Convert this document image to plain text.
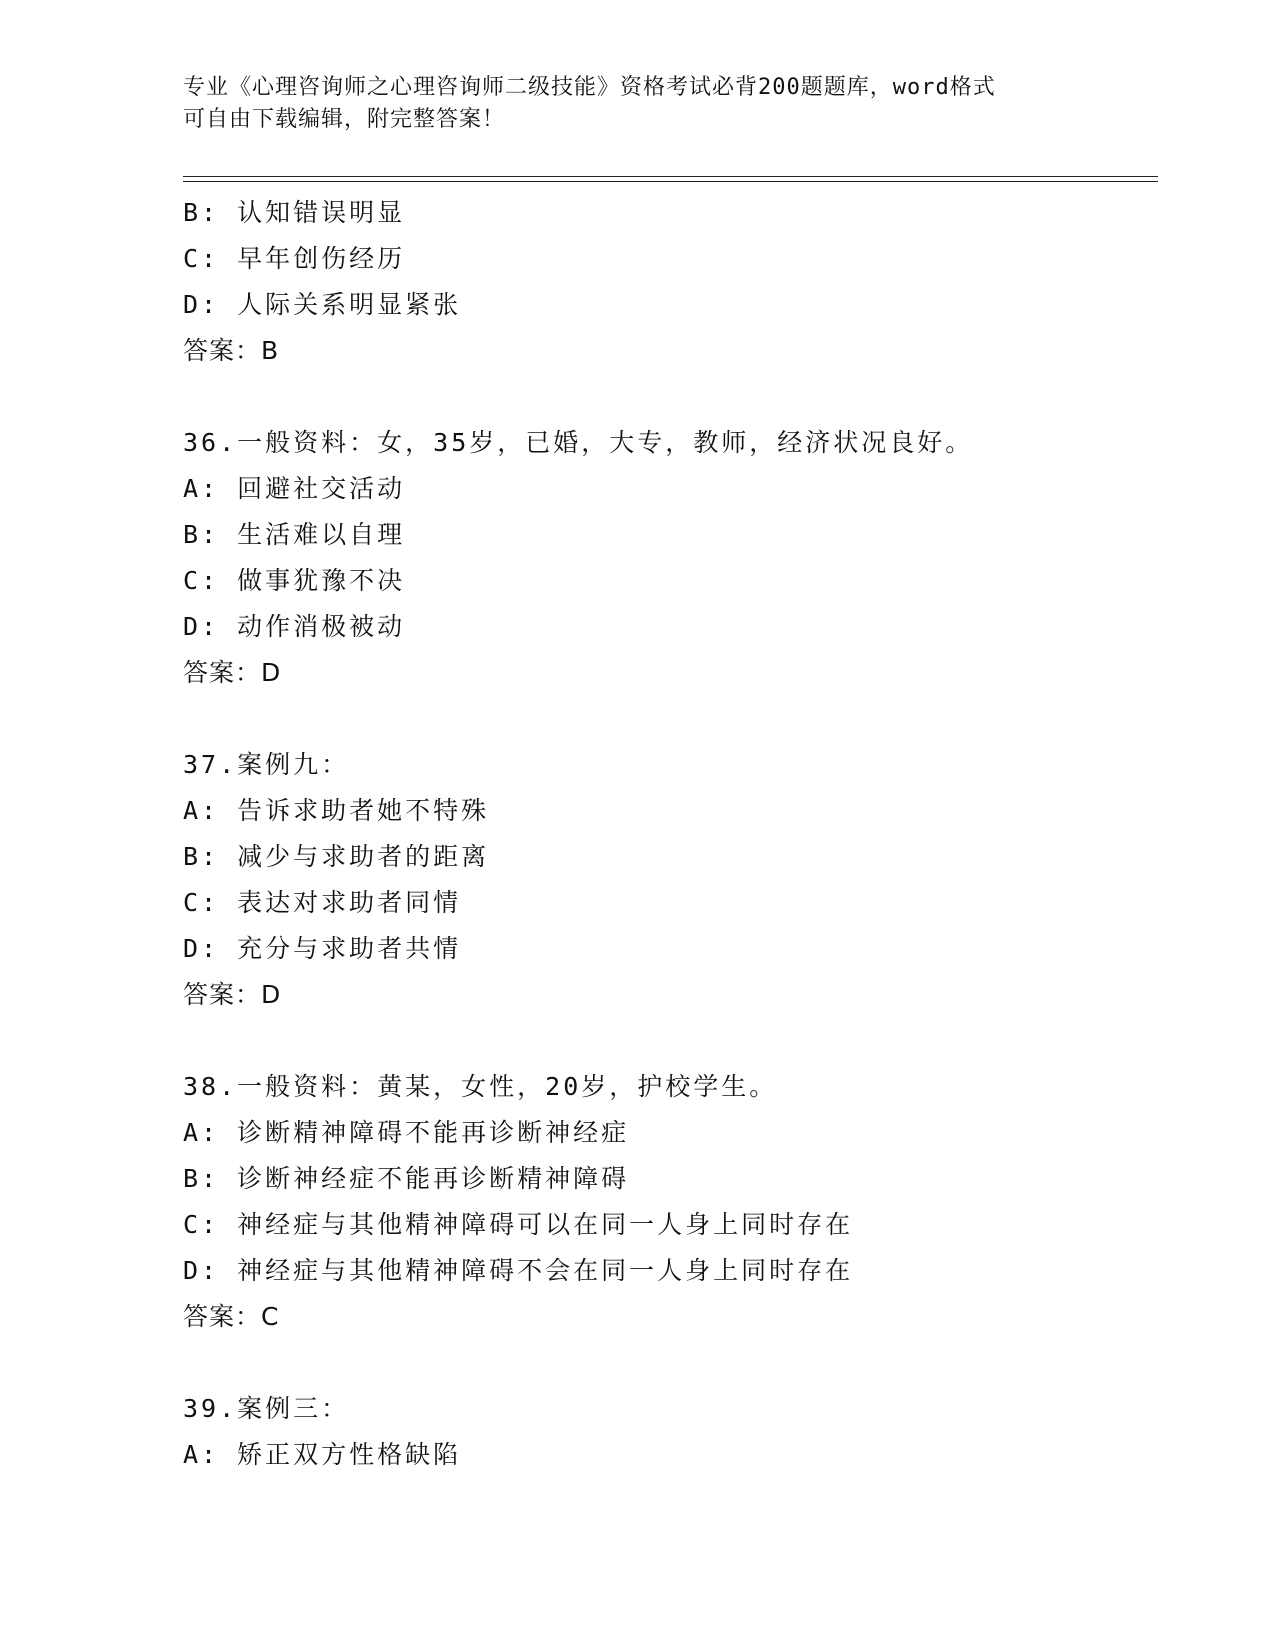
专业《心理咨询师之心理咨询师二级技能》资格考试必背200题题库，word格式
可自由下载编辑，附完整答案！
B: 认知错误明显
C: 早年创伤经历
D: 人际关系明显紧张
答案：B
36.一般资料：女，35岁，已婚，大专，教师，经济状况良好。
A: 回避社交活动
B: 生活难以自理
C: 做事犹豫不决
D: 动作消极被动
答案：D
37.案例九：
A: 告诉求助者她不特殊
B: 减少与求助者的距离
C: 表达对求助者同情
D: 充分与求助者共情
答案：D
38.一般资料：黄某，女性，20岁，护校学生。
A: 诊断精神障碍不能再诊断神经症
B: 诊断神经症不能再诊断精神障碍
C: 神经症与其他精神障碍可以在同一人身上同时存在
D: 神经症与其他精神障碍不会在同一人身上同时存在
答案：C
39.案例三：
A: 矫正双方性格缺陷
